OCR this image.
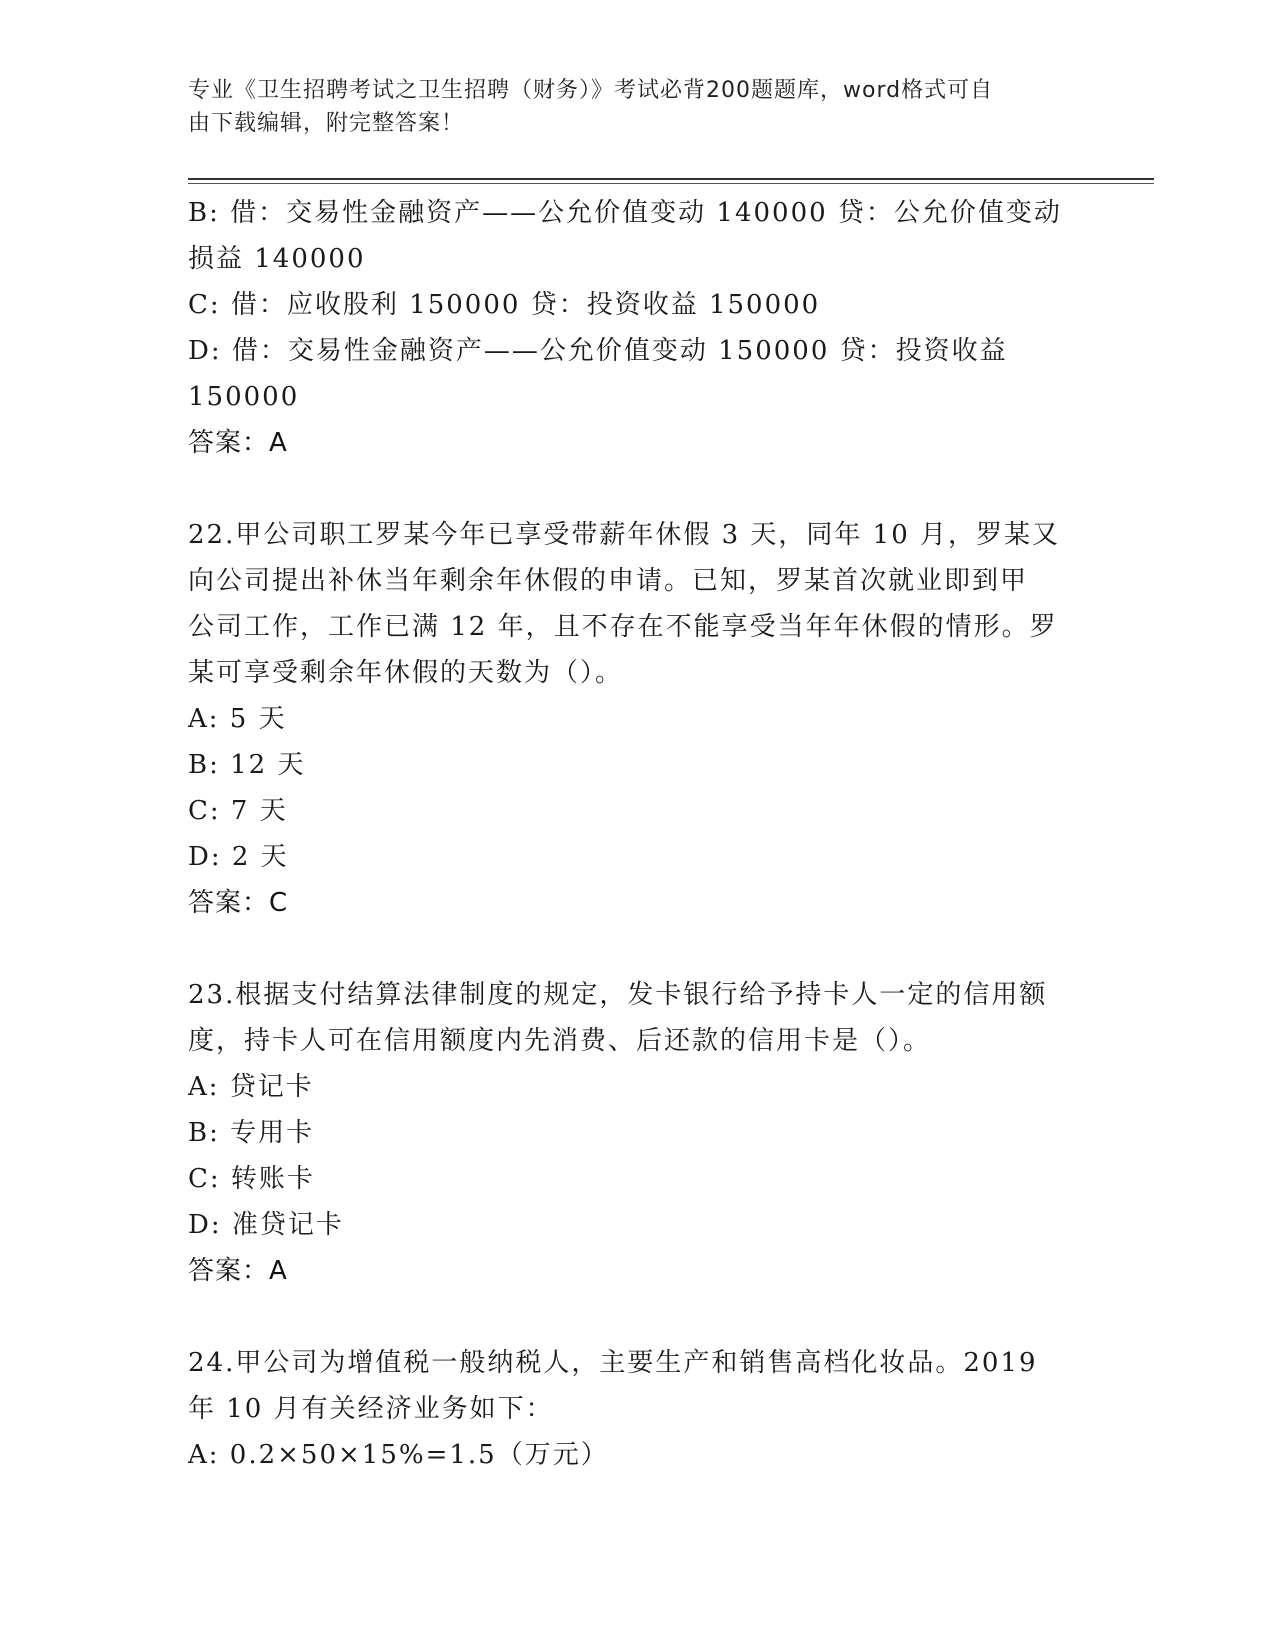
专业《卫生招聘考试之卫生招聘（财务）》考试必背200题题库，word格式可自
由下载编辑，附完整答案！
B: 借：交易性金融资产——公允价值变动 140000 贷：公允价值变动
损益 140000
C: 借：应收股利 150000 贷：投资收益 150000
D: 借：交易性金融资产——公允价值变动 150000 贷：投资收益
150000
答案：A
22.甲公司职工罗某今年已享受带薪年休假 3 天，同年 10 月，罗某又
向公司提出补休当年剩余年休假的申请。已知，罗某首次就业即到甲
公司工作，工作已满 12 年，且不存在不能享受当年年休假的情形。罗
某可享受剩余年休假的天数为（）。
A: 5 天
B: 12 天
C: 7 天
D: 2 天
答案：C
23.根据支付结算法律制度的规定，发卡银行给予持卡人一定的信用额
度，持卡人可在信用额度内先消费、后还款的信用卡是（）。
A: 贷记卡
B: 专用卡
C: 转账卡
D: 准贷记卡
答案：A
24.甲公司为增值税一般纳税人，主要生产和销售高档化妆品。2019
年 10 月有关经济业务如下：
A: 0.2×50×15%=1.5（万元）
